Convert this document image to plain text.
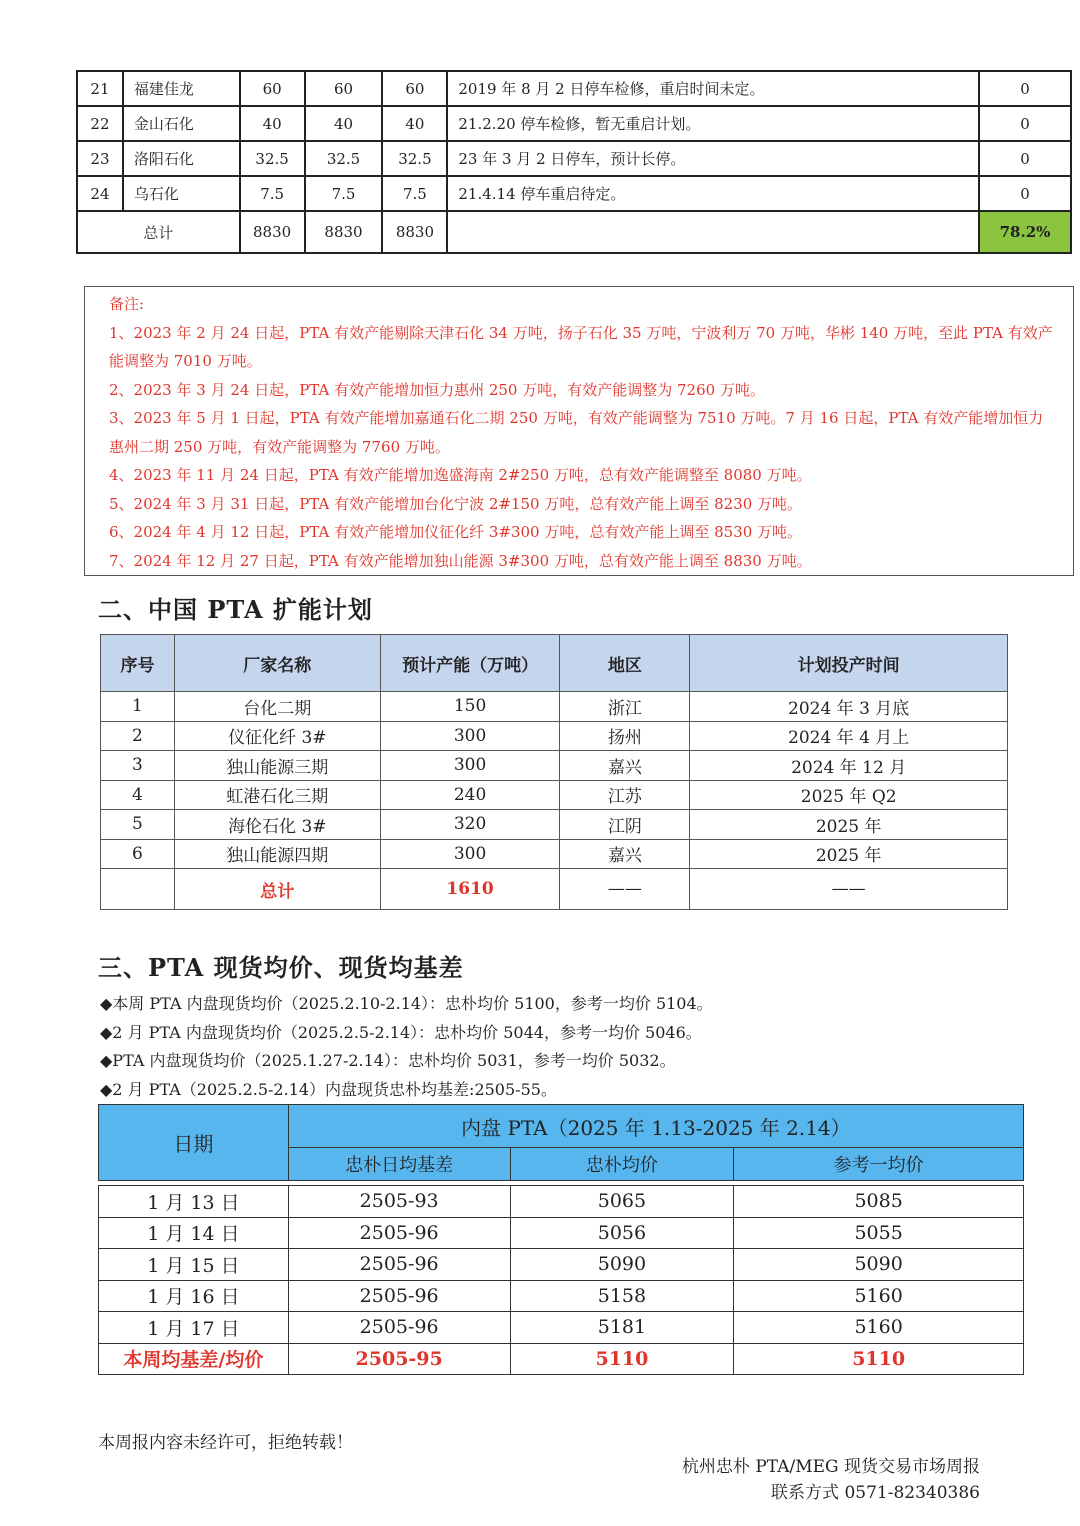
21	福建佳龙	60	60	60	2019 年 8 月 2 日停车检修，重启时间未定。	0
22	金山石化	40	40	40	21.2.20 停车检修，暂无重启计划。	0
23	洛阳石化	32.5	32.5	32.5	23 年 3 月 2 日停车，预计长停。	0
24	乌石化	7.5	7.5	7.5	21.4.14 停车重启待定。	0
总计		8830	8830	8830		78.2%

备注:

1、2023 年 2 月 24 日起，PTA 有效产能剔除天津石化 34 万吨，扬子石化 35 万吨，宁波利万 70 万吨，华彬 140 万吨，至此 PTA 有效产

能调整为 7010 万吨。

2、2023 年 3 月 24 日起，PTA 有效产能增加恒力惠州 250 万吨，有效产能调整为 7260 万吨。

3、2023 年 5 月 1 日起，PTA 有效产能增加嘉通石化二期 250 万吨，有效产能调整为 7510 万吨。7 月 16 日起，PTA 有效产能增加恒力

惠州二期 250 万吨，有效产能调整为 7760 万吨。

4、2023 年 11 月 24 日起，PTA 有效产能增加逸盛海南 2#250 万吨，总有效产能调整至 8080 万吨。

5、2024 年 3 月 31 日起，PTA 有效产能增加台化宁波 2#150 万吨，总有效产能上调至 8230 万吨。

6、2024 年 4 月 12 日起，PTA 有效产能增加仪征化纤 3#300 万吨，总有效产能上调至 8530 万吨。

7、2024 年 12 月 27 日起，PTA 有效产能增加独山能源 3#300 万吨，总有效产能上调至 8830 万吨。

二、中国 PTA 扩能计划
序号	厂家名称	预计产能（万吨）	地区	计划投产时间
1	台化二期	150	浙江	2024 年 3 月底
2	仪征化纤 3#	300	扬州	2024 年 4 月上
3	独山能源三期	300	嘉兴	2024 年 12 月
4	虹港石化三期	240	江苏	2025 年 Q2
5	海伦石化 3#	320	江阴	2025 年
6	独山能源四期	300	嘉兴	2025 年
	总计	1610	——	——
三、PTA 现货均价、现货均基差
◆本周 PTA 内盘现货均价（2025.2.10-2.14）：忠朴均价 5100，参考一均价 5104。
◆2 月 PTA 内盘现货均价（2025.2.5-2.14）：忠朴均价 5044，参考一均价 5046。
◆PTA 内盘现货均价（2025.1.27-2.14）：忠朴均价 5031，参考一均价 5032。
◆2 月 PTA（2025.2.5-2.14）内盘现货忠朴均基差:2505-55。
日期	内盘 PTA（2025 年 1.13-2025 年 2.14）		
	忠朴日均基差	忠朴均价	参考一均价

1 月 13 日	2505-93	5065	5085
1 月 14 日	2505-96	5056	5055
1 月 15 日	2505-96	5090	5090
1 月 16 日	2505-96	5158	5160
1 月 17 日	2505-96	5181	5160
本周均基差/均价	2505-95	5110	5110
本周报内容未经许可，拒绝转载！
杭州忠朴 PTA/MEG 现货交易市场周报
联系方式 0571-82340386
